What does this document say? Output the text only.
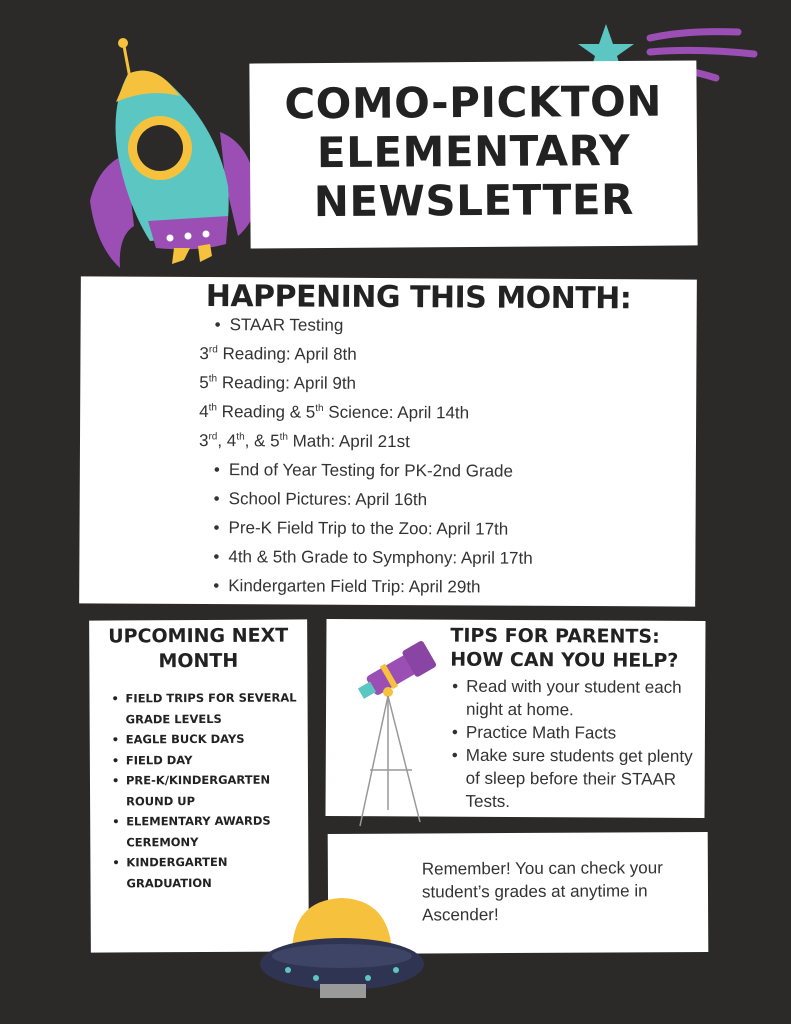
COMO-PICKTON
ELEMENTARY
NEWSLETTER
HAPPENING THIS MONTH:
• STAAR Testing
3rd Reading: April 8th
5th Reading: April 9th
4th Reading & 5th Science: April 14th
3rd, 4th, & 5th Math: April 21st
• End of Year Testing for PK-2nd Grade
• School Pictures: April 16th
• Pre-K Field Trip to the Zoo: April 17th
• 4th & 5th Grade to Symphony: April 17th
• Kindergarten Field Trip: April 29th
UPCOMING NEXT
MONTH
• FIELD TRIPS FOR SEVERAL GRADE LEVELS
• EAGLE BUCK DAYS
• FIELD DAY
• PRE-K/KINDERGARTEN ROUND UP
• ELEMENTARY AWARDS CEREMONY
• KINDERGARTEN GRADUATION
TIPS FOR PARENTS:
HOW CAN YOU HELP?
• Read with your student each night at home.
• Practice Math Facts
• Make sure students get plenty of sleep before their STAAR Tests.
Remember! You can check your student’s grades at anytime in Ascender!
